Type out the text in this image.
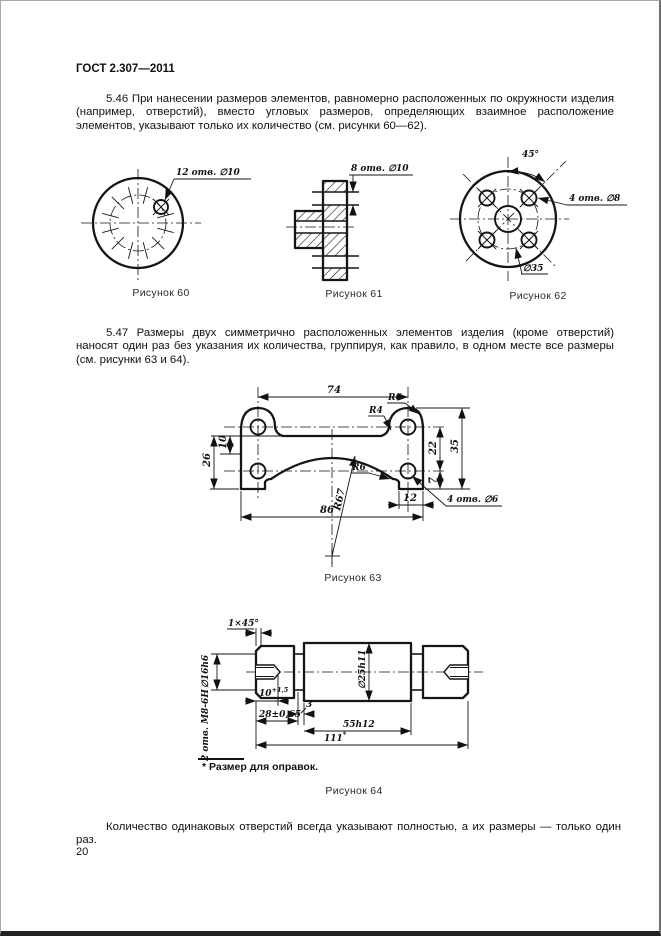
ГОСТ 2.307—2011
5.46 При нанесении размеров элементов, равномерно расположенных по окружности изделия (например, отверстий), вместо угловых размеров, определяющих взаимное расположение элементов, указывают только их количество (см. рисунки 60—62).
12 отв. ∅10
Рисунок 60
8 отв. ∅10
Рисунок 61
45°
4 отв. ∅8
∅35
Рисунок 62
5.47 Размеры двух симметрично расположенных элементов изделия (кроме отверстий) наносят один раз без указания их количества, группируя, как правило, в одном месте все размеры (см. рисунки 63 и 64).
74
86
12
22
7
35
10
26
R6
R4
R6
R67	4 отв. ∅6
Рисунок 63
1×45°
∅16h6
2 отв. М8-6Н	$10^{+1,5}$
28±0,65
3
55h12
111*
∅25h11
* Размер для оправок.
Рисунок 64
Количество одинаковых отверстий всегда указывают полностью, а их размеры — только один раз.
20
